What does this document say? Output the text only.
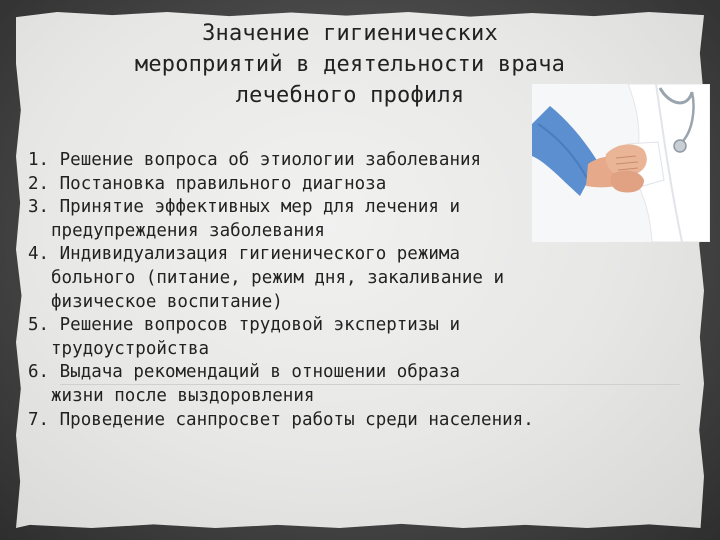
Значение гигиенических
мероприятий в деятельности врача
лечебного профиля
1. Решение вопроса об этиологии заболевания
2. Постановка правильного диагноза
3. Принятие эффективных мер для лечения и
предупреждения заболевания
4. Индивидуализация гигиенического режима
больного (питание, режим дня, закаливание и
физическое воспитание)
5. Решение вопросов трудовой экспертизы и
трудоустройства
6. Выдача рекомендаций в отношении образа
жизни после выздоровления
7. Проведение санпросвет работы среди населения.
